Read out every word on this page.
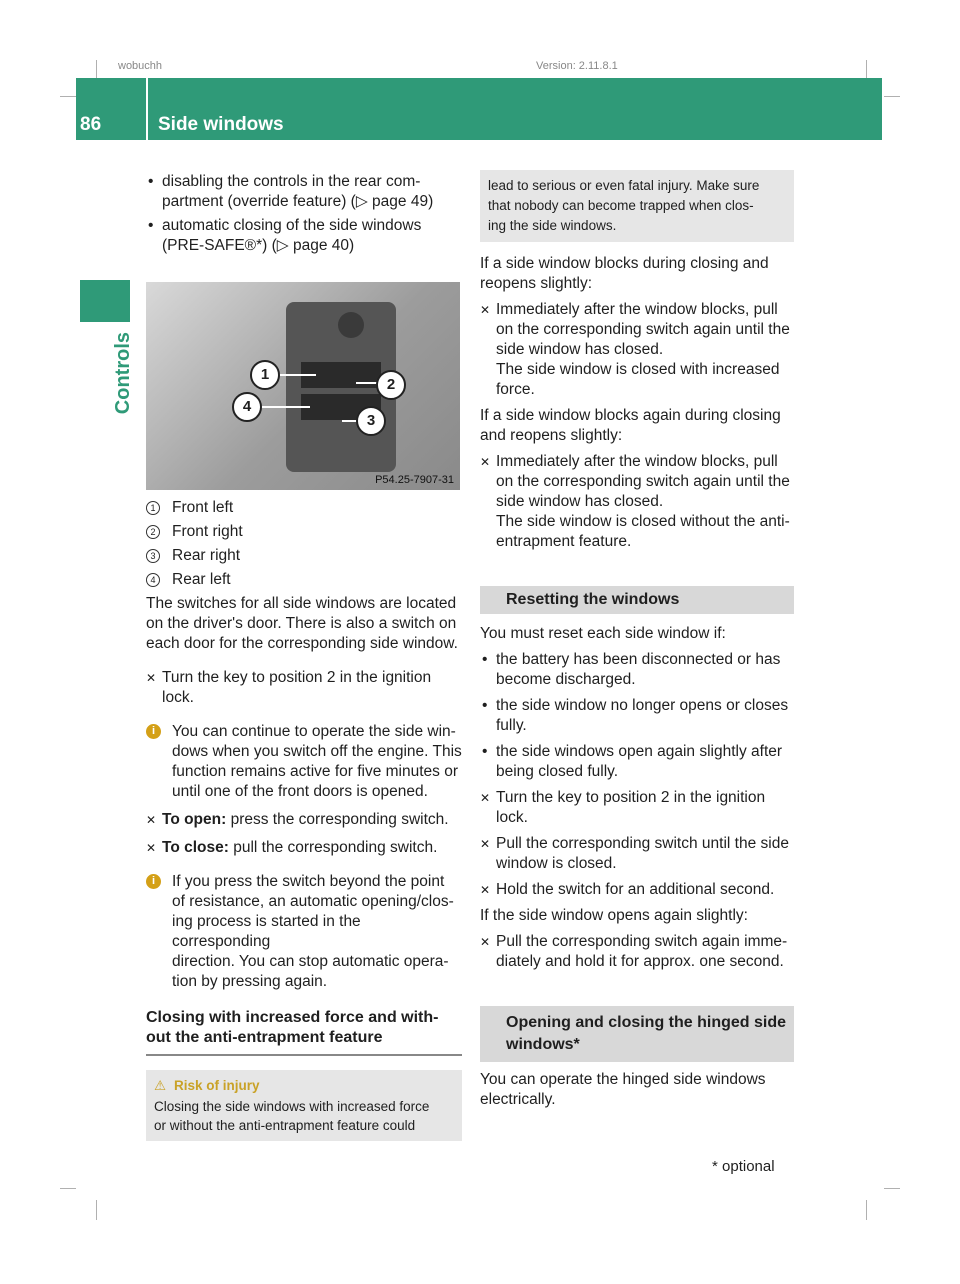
wobuchh	Version: 2.11.8.1
86	Side windows
Controls
• disabling the controls in the rear com-

partment (override feature) (▷ page 49)

• automatic closing of the side windows

(PRE-SAFE®*) (▷ page 40)

1
2
3
4
P54.25-7907-31
1 Front left

2 Front right

3 Rear right

4 Rear left

The switches for all side windows are located

on the driver's door. There is also a switch on

each door for the corresponding side window.

✕ Turn the key to position 2 in the ignition

lock.

i	You can continue to operate the side win-

dows when you switch off the engine. This

function remains active for five minutes or

until one of the front doors is opened.

✕ To open: press the corresponding switch.

✕ To close: pull the corresponding switch.

i	If you press the switch beyond the point

of resistance, an automatic opening/clos-

ing process is started in the corresponding

direction. You can stop automatic opera-

tion by pressing again.

Closing with increased force and with-

out the anti-entrapment feature

⚠ Risk of injury

Closing the side windows with increased force

or without the anti-entrapment feature could

lead to serious or even fatal injury. Make sure

that nobody can become trapped when clos-

ing the side windows.

If a side window blocks during closing and

reopens slightly:

✕ Immediately after the window blocks, pull

on the corresponding switch again until the

side window has closed.

The side window is closed with increased

force.

If a side window blocks again during closing

and reopens slightly:

✕ Immediately after the window blocks, pull

on the corresponding switch again until the

side window has closed.

The side window is closed without the anti-

entrapment feature.

Resetting the windows
You must reset each side window if:
• the battery has been disconnected or has

become discharged.

• the side window no longer opens or closes

fully.

• the side windows open again slightly after

being closed fully.

✕ Turn the key to position 2 in the ignition

lock.

✕ Pull the corresponding switch until the side

window is closed.

✕ Hold the switch for an additional second.

If the side window opens again slightly:
✕ Pull the corresponding switch again imme-

diately and hold it for approx. one second.

Opening and closing the hinged side

windows*

You can operate the hinged side windows

electrically.

* optional
